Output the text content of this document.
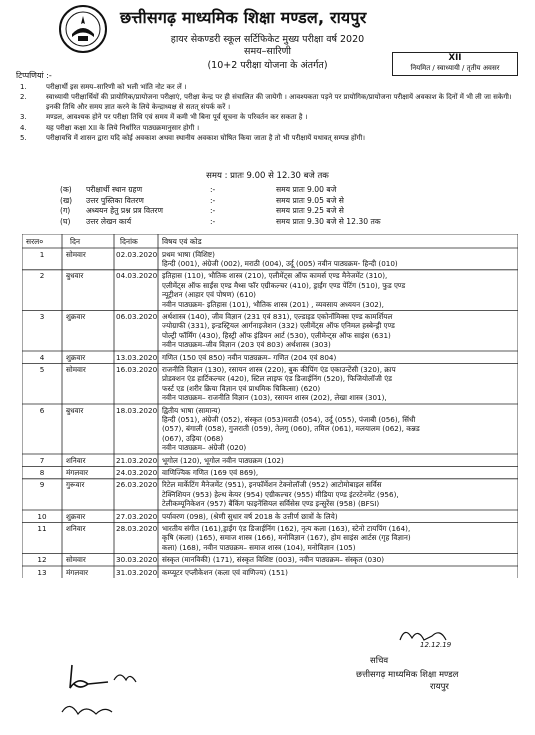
छत्तीसगढ़ माध्यमिक शिक्षा मण्डल, रायपुर
हायर सेकण्डरी स्कूल सर्टिफिकेट मुख्य परीक्षा वर्ष 2020
समय–सारिणी
(10+2 परीक्षा योजना के अंतर्गत)
XII
नियमित / स्वाध्यायी / तृतीय अवसर
टिप्पणियां :-
1.	परीक्षार्थी इस समय–सारिणी को भली भांति नोट कर लें ।
2.	स्वाध्यायी परीक्षार्थियों की प्रायोगिक/प्रायोजना परीक्षाएं, परीक्षा केन्द्र पर ही संचालित की जायेगी । आवश्यकता पड़ने पर प्रायोगिक/प्रायोजना परीक्षायें अवकाश के दिनों में भी ली जा सकेगी। इनकी तिथि और समय ज्ञात करने के लिये केन्द्राध्यक्ष से सतत् संपर्क करें ।
3.	मण्डल, आवश्यक होने पर परीक्षा तिथि एवं समय में कमी भी बिना पूर्व सूचना के परिवर्तन कर सकता है ।
4.	यह परीक्षा कक्षा XII के लिये निर्धारित पाठ्यक्रमानुसार होगी ।
5.	परीक्षावधि में शासन द्वारा यदि कोई अवकाश अथवा स्थानीय अवकाश घोषित किया जाता है तो भी परीक्षायें यथावत् सम्पन्न होंगी।
समय : प्रातः 9.00 से 12.30 बजे तक
(क) परीक्षार्थी स्थान ग्रहण	:-	समय प्रातः 9.00 बजे
(ख) उत्तर पुस्तिका वितरण	:-	समय प्रातः 9.05 बजे से
(ग) अध्ययन हेतु प्रश्न प्रत्र वितरण	:-	समय प्रातः 9.25 बजे से
(घ) उत्तर लेखन कार्य	:-	समय प्रातः 9.30 बजे से 12.30 तक
सरल०	दिन	दिनांक	विषय एवं कोड
1	सोमवार	02.03.2020 प्रथम भाषा (विशिष्ट)
हिन्दी (001), अंग्रेजी (002), मराठी (004), उर्दू (005) नवीन पाठ्यक्रम- हिन्दी (010)
2	बुधवार	04.03.2020 इतिहास (110), भौतिक शास्त्र (210), एलीमेंट्स ऑफ कामर्स एण्ड मैनेजमेंट (310),
एलीमेंट्स ऑफ साईंस एण्ड मैथ्स फॉर एग्रीकल्चर (410), ड्राईंग एण्ड पेंटिंग (510), फुड एण्ड
न्यूट्रीशन (आहार एवं पोषण) (610)
नवीन पाठ्यक्रम- इतिहास (101), भौतिक शास्त्र (201) , व्यवसाय अध्ययन (302),
3	शुक्रवार	06.03.2020 अर्थशास्त्र (140), जीव विज्ञान (231 एवं 831), एल्डाइड एकोनॉमिक्स एण्ड कामर्शियल
ज्योग्राफी (331), इन्डस्ट्रियल आर्गनाइजेशन (332) एलीमेंट्स ऑफ एनिमल हस्बेन्ड्री एण्ड
पोल्ट्री फॉर्मिंग (430), हिस्ट्री ऑफ इंडियन आर्ट (530), एलीमेन्ट्स ऑफ साइंस (631)
नवीन पाठ्यक्रम–जीव विज्ञान (203 एवं 803) अर्थशास्त्र (303)
4	शुक्रवार	13.03.2020 गणित (150 एवं 850) नवीन पाठ्यक्रम– गणित (204 एवं 804)
5	सोमवार	16.03.2020 राजनीति विज्ञान (130), रसायन शास्त्र (220), बुक कीपिंग एंड एकाउन्टेंसी (320), क्राप
प्रोडक्शन एंड हार्टिकल्चर (420), स्टिल लाइफ एंड डिजाईनिंग (520), फिजियोलॉजी एंड
फर्स्ट एड (शरीर क्रिया विज्ञान एवं प्राथमिक चिकित्सा) (620)
नवीन पाठ्यक्रम– राजनीति विज्ञान (103), रसायन शास्त्र (202), लेखा शास्त्र (301),
6	बुधवार	18.03.2020 द्वितीय भाषा (सामान्य)
हिन्दी (051), अंग्रेजी (052), संस्कृत (053)मराठी (054), उर्दू (055), पंजाबी (056), सिंधी
(057), बंगाली (058), गुजराती (059), तेलगू (060), तमिल (061), मलयालम (062), कन्नड
(067), उड़िया (068)
नवीन पाठ्यक्रम– अंग्रेजी (020)
7	शनिवार	21.03.2020 भूगोल (120), भूगोल नवीन पाठ्यक्रम (102)
8	मंगलवार	24.03.2020 वाणिज्यिक गणित (169 एवं 869),
9	गुरूवार	26.03.2020 रिटेल मार्केटिंग मैनेजमेंट (951), इनफॉर्मेशन टेक्नोलॉजी (952) आटोमोबाइल सर्विस
टेक्निशियन (953) हेल्थ केयर (954) एग्रीकल्चर (955) मीडिया एण्ड इंटरटेनमेंट (956),
टेलीकम्यूनिकेशन (957) बैंकिंग फाइनेंसियल सर्विसेस एण्ड इन्सुरेंस (958) (BFSI)
10	शुक्रवार	27.03.2020 पर्यावरण (098), (श्रेणी सुधार वर्ष 2018 के उत्तीर्ण छात्रों के लिये)
11	शनिवार	28.03.2020 भारतीय संगीत (161),ड्राईंग एंड डिजाईनिंग (162), नृत्य कला (163), स्टेनो टायपिंग (164),
कृषि (कला) (165), समाज शास्त्र (166), मनोविज्ञान (167), होम साइंस आर्टस (गृह विज्ञान)
कला) (168), नवीन पाठ्यक्रम– समाज शास्त्र (104), मनोविज्ञान (105)
12	सोमवार	30.03.2020 संस्कृत (मानविकी) (171), संस्कृत विशिष्ट (003), नवीन पाठ्यक्रम– संस्कृत (030)
13	मंगलवार	31.03.2020 कम्प्यूटर एप्लीकेशन (कला एवं वाणिज्य) (151)
12.12.19
सचिव
छत्तीसगढ़ माध्यमिक शिक्षा मण्डल
रायपुर
